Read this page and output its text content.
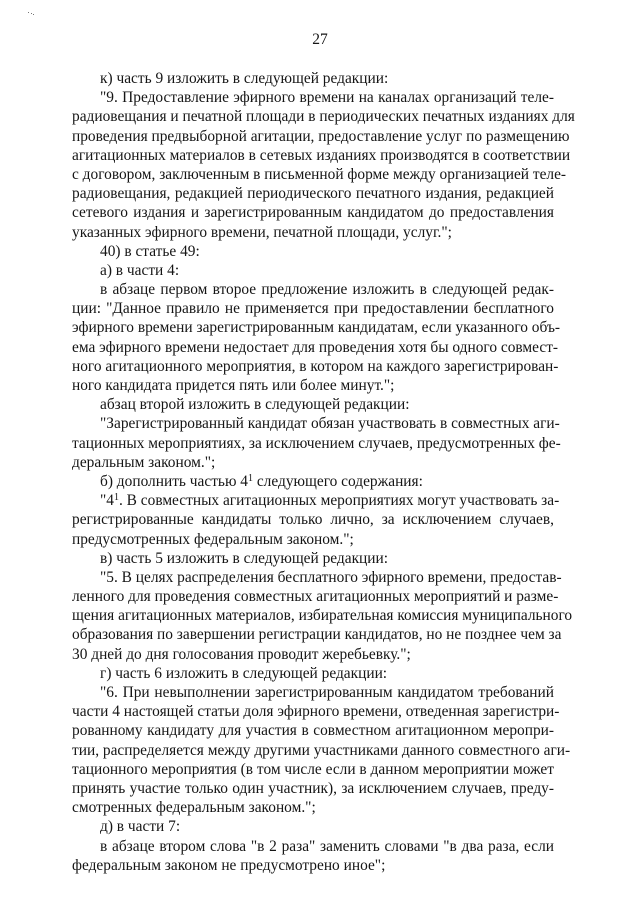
27
к) часть 9 изложить в следующей редакции:
"9. Предоставление эфирного времени на каналах организаций теле-
радиовещания и печатной площади в периодических печатных изданиях для
проведения предвыборной агитации, предоставление услуг по размещению
агитационных материалов в сетевых изданиях производятся в соответствии
с договором, заключенным в письменной форме между организацией теле-
радиовещания, редакцией периодического печатного издания, редакцией
сетевого издания и зарегистрированным кандидатом до предоставления
указанных эфирного времени, печатной площади, услуг.";
40) в статье 49:
а) в части 4:
в абзаце первом второе предложение изложить в следующей редак-
ции: "Данное правило не применяется при предоставлении бесплатного
эфирного времени зарегистрированным кандидатам, если указанного объ-
ема эфирного времени недостает для проведения хотя бы одного совмест-
ного агитационного мероприятия, в котором на каждого зарегистрирован-
ного кандидата придется пять или более минут.";
абзац второй изложить в следующей редакции:
"Зарегистрированный кандидат обязан участвовать в совместных аги-
тационных мероприятиях, за исключением случаев, предусмотренных фе-
деральным законом.";
б) дополнить частью $4^1$ следующего содержания:
"$4^1$. В совместных агитационных мероприятиях могут участвовать за-
регистрированные кандидаты только лично, за исключением случаев,
предусмотренных федеральным законом.";
в) часть 5 изложить в следующей редакции:
"5. В целях распределения бесплатного эфирного времени, предостав-
ленного для проведения совместных агитационных мероприятий и разме-
щения агитационных материалов, избирательная комиссия муниципального
образования по завершении регистрации кандидатов, но не позднее чем за
30 дней до дня голосования проводит жеребьевку.";
г) часть 6 изложить в следующей редакции:
"6. При невыполнении зарегистрированным кандидатом требований
части 4 настоящей статьи доля эфирного времени, отведенная зарегистри-
рованному кандидату для участия в совместном агитационном меропри-
тии, распределяется между другими участниками данного совместного аги-
тационного мероприятия (в том числе если в данном мероприятии может
принять участие только один участник), за исключением случаев, преду-
смотренных федеральным законом.";
д) в части 7:
в абзаце втором слова "в 2 раза" заменить словами "в два раза, если
федеральным законом не предусмотрено иное";
